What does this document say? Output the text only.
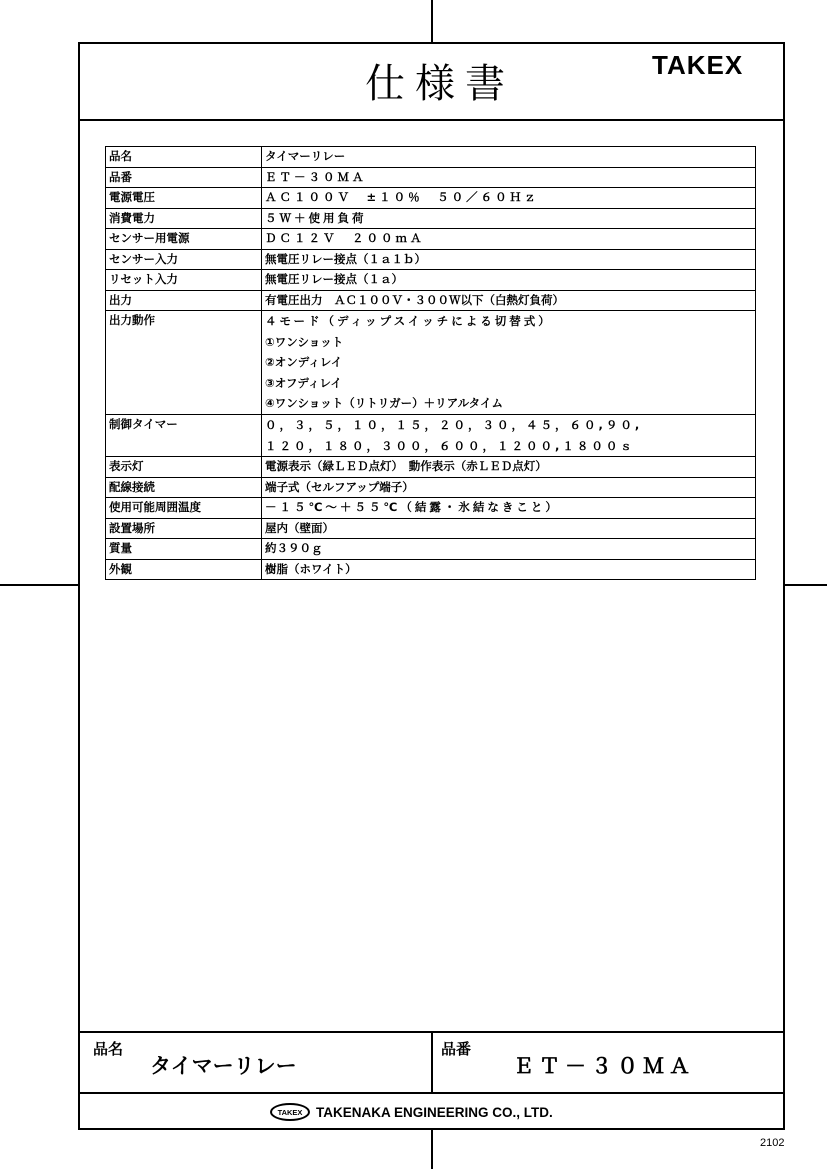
仕様書	TAKEX
品名	タイマーリレー

品番	ＥＴ－３０ＭＡ

電源電圧	ＡＣ１００Ｖ　±１０％　５０／６０Ｈｚ

消費電力	５Ｗ＋使用負荷

センサー用電源	ＤＣ１２Ｖ　２００ｍＡ

センサー入力	無電圧リレー接点（１ａ１ｂ）

リセット入力	無電圧リレー接点（１ａ）

出力	有電圧出力　ＡＣ１００Ｖ・３００Ｗ以下（白熱灯負荷）

出力動作	４モード（ディップスイッチによる切替式）
①ワンショット
②オンディレイ
③オフディレイ
④ワンショット（リトリガー）＋リアルタイム

制御タイマー	０，３，５，１０，１５，２０，３０，４５，６０,９０,
１２０，１８０，３００，６００，１２００,１８００ｓ

表示灯	電源表示（緑ＬＥＤ点灯）　動作表示（赤ＬＥＤ点灯）

配線接続	端子式（セルフアップ端子）

使用可能周囲温度	－１５℃～＋５５℃（結露・氷結なきこと）

設置場所	屋内（壁面）

質量	約３９０ｇ

外観	樹脂（ホワイト）
品名
タイマーリレー
品番
ＥＴ－３０ＭＡ
TAKEX	TAKENAKA ENGINEERING CO., LTD.
2102
